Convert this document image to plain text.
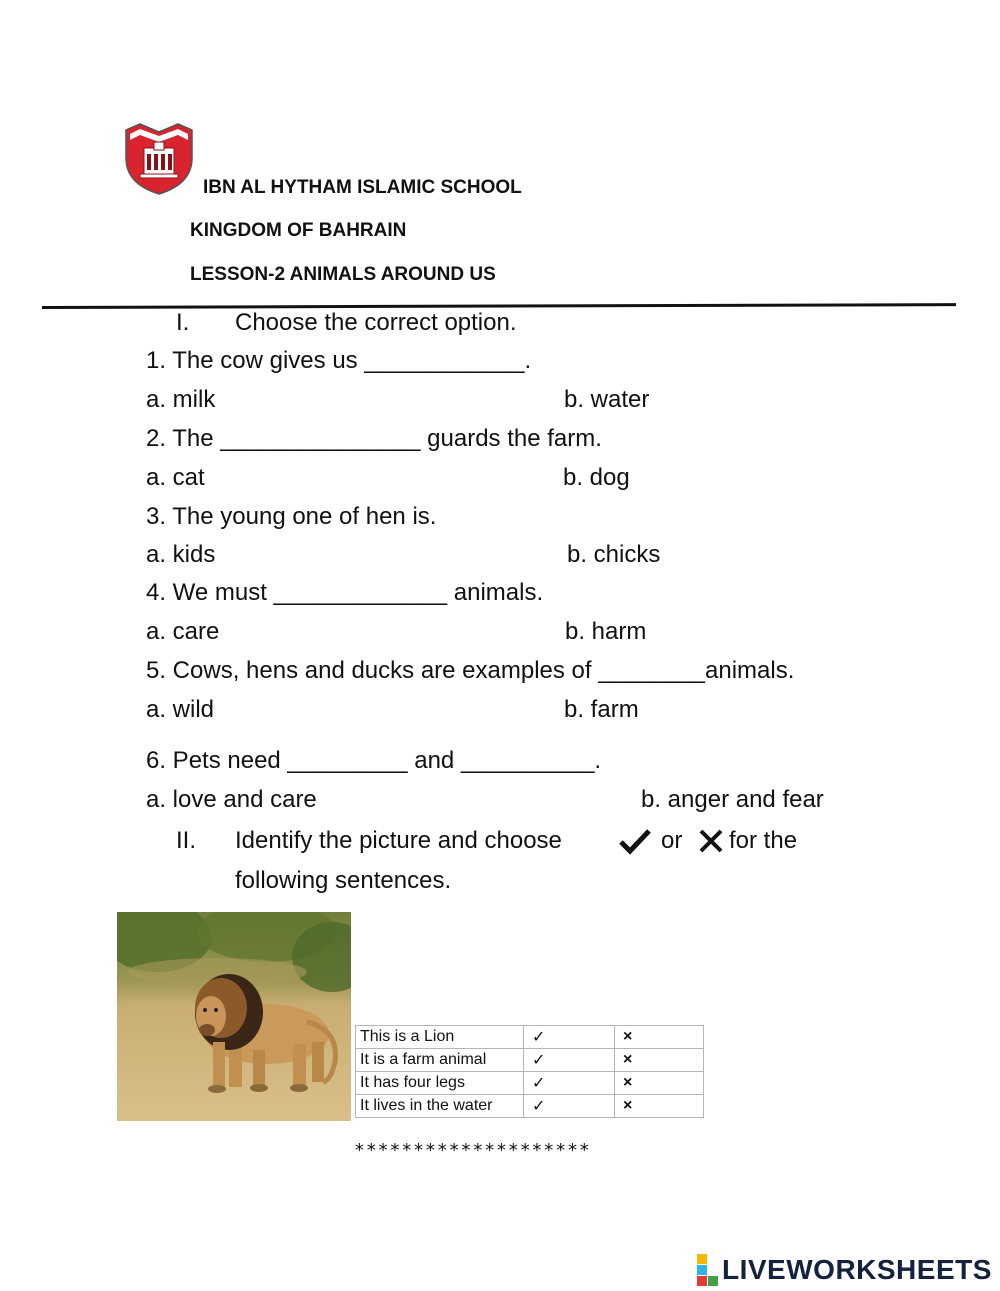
IBN AL HYTHAM ISLAMIC SCHOOL
KINGDOM OF BAHRAIN
LESSON-2 ANIMALS AROUND US
I. Choose the correct option.
1. The cow gives us ____________.
a. milk	b. water
2. The _______________ guards the farm.
a. cat	b. dog
3. The young one of hen is.
a. kids	b. chicks
4. We must _____________ animals.
a. care	b. harm
5. Cows, hens and ducks are examples of ________animals.
a. wild	b. farm
6. Pets need _________ and __________.
a. love and care	b. anger and fear
II. Identify the picture and choose	or for the
following sentences.
This is a Lion	✓	×
It is a farm animal	✓	×
It has four legs	✓	×
It lives in the water	✓	×
********************
LIVEWORKSHEETS
